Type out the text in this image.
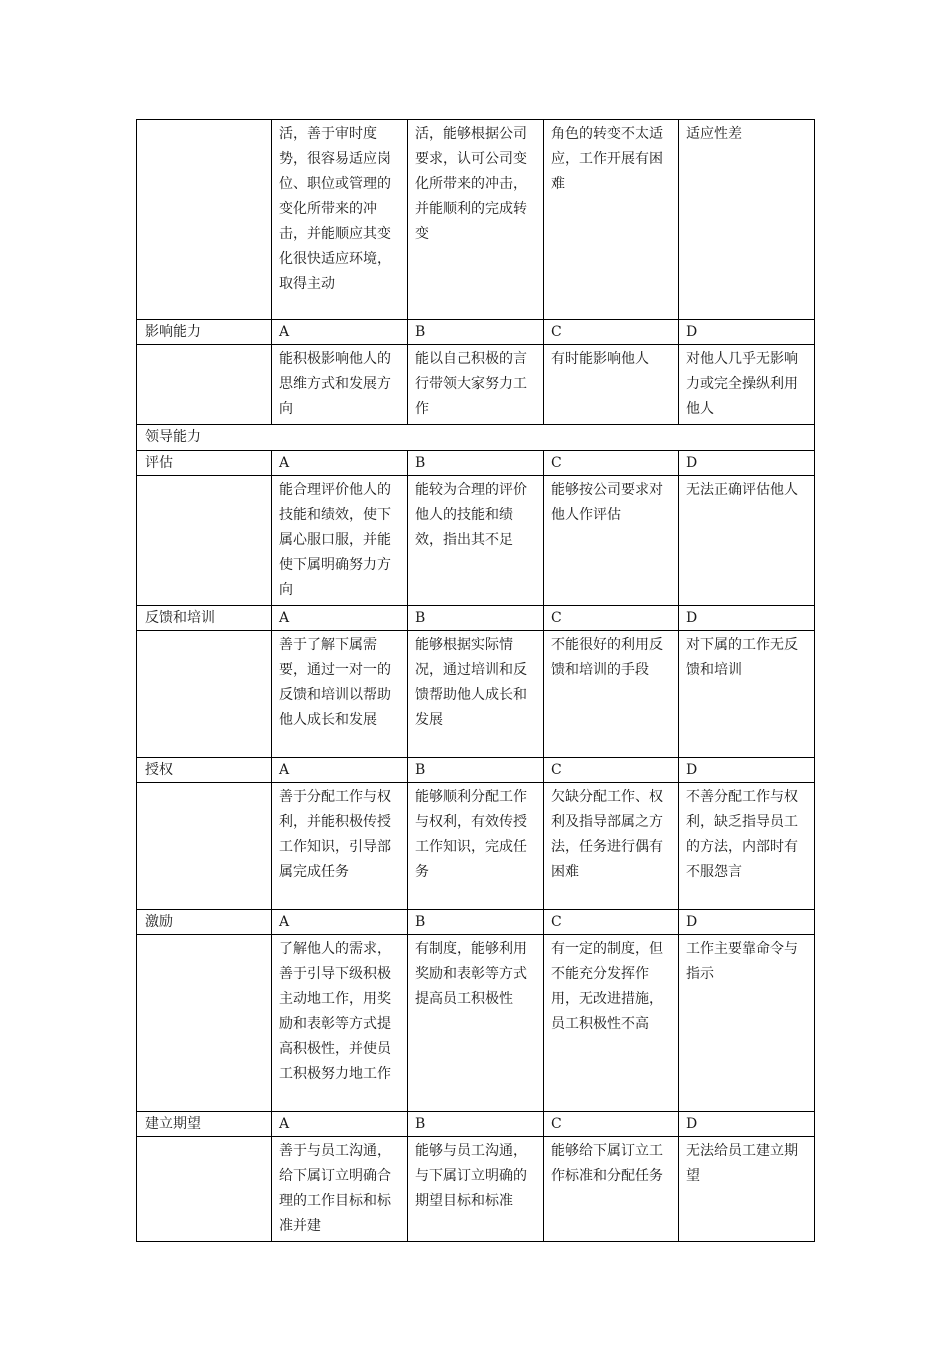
	活，善于审时度势，很容易适应岗位、职位或管理的变化所带来的冲击，并能顺应其变化很快适应环境，取得主动	活，能够根据公司要求，认可公司变化所带来的冲击，并能顺利的完成转变	角色的转变不太适应，工作开展有困难	适应性差
影响能力	A	B	C	D
	能积极影响他人的思维方式和发展方向	能以自己积极的言行带领大家努力工作	有时能影响他人	对他人几乎无影响力或完全操纵利用他人
领导能力				
评估	A	B	C	D
	能合理评价他人的技能和绩效，使下属心服口服，并能使下属明确努力方向	能较为合理的评价他人的技能和绩效，指出其不足	能够按公司要求对他人作评估	无法正确评估他人
反馈和培训	A	B	C	D
	善于了解下属需要，通过一对一的反馈和培训以帮助他人成长和发展	能够根据实际情况，通过培训和反馈帮助他人成长和发展	不能很好的利用反馈和培训的手段	对下属的工作无反馈和培训
授权	A	B	C	D
	善于分配工作与权利，并能积极传授工作知识，引导部属完成任务	能够顺利分配工作与权利，有效传授工作知识，完成任务	欠缺分配工作、权利及指导部属之方法，任务进行偶有困难	不善分配工作与权利，缺乏指导员工的方法，内部时有不服怨言
激励	A	B	C	D
	了解他人的需求，善于引导下级积极主动地工作，用奖励和表彰等方式提高积极性，并使员工积极努力地工作	有制度，能够利用奖励和表彰等方式提高员工积极性	有一定的制度，但不能充分发挥作用，无改进措施，员工积极性不高	工作主要靠命令与指示
建立期望	A	B	C	D
	善于与员工沟通，给下属订立明确合理的工作目标和标准并建	能够与员工沟通，与下属订立明确的期望目标和标准	能够给下属订立工作标准和分配任务	无法给员工建立期望
